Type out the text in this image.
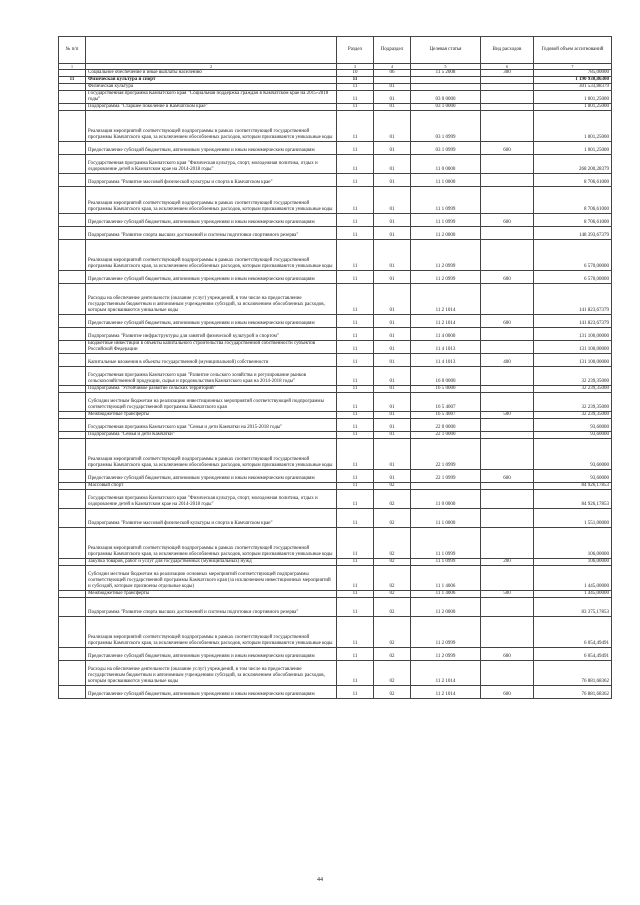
№ п/п		Раздел	Подраздел	Целевая статья	Вид расходов	Годовой объем ассигнований
1	2	3	4	5	6	7
	Социальное обеспечение и иные выплаты населению	10	06	11 5 2008	300	785,00000
11	Физическая культура и спорт	11				1 190 930,86300
	Физическая культура	11	01			301 533,88379
	Государственная программа Камчатского края "Социальная поддержка граждан в Камчатском крае на 2015-2018 годы"	11	01	03 0 0000		1 001,25000
	Подпрограмма "Старшее поколение в Камчатском крае"	11	01	03 1 0000		1 001,25000
	Реализация мероприятий соответствующей подпрограммы в рамках соответствующей государственной программы Камчатского края, за исключением обособленных расходов, которым присваиваются уникальные коды	11	01	03 1 0999		1 001,25000
	Предоставление субсидий бюджетным, автономным учреждениям и иным некоммерческим организациям	11	01	03 1 0999	600	1 001,25000
	Государственная программа Камчатского края "Физическая культура, спорт, молодежная политика, отдых и оздоровление детей в Камчатском крае на 2014-2018 годы"	11	01	11 0 0000		268 200,28379
	Подпрограмма "Развитие массовой физической культуры и спорта в Камчатском крае"	11	01	11 1 0000		8 706,61000
	Реализация мероприятий соответствующей подпрограммы в рамках соответствующей государственной программы Камчатского края, за исключением обособленных расходов, которым присваиваются уникальные коды	11	01	11 1 0999		8 706,61000
	Предоставление субсидий бюджетным, автономным учреждениям и иным некоммерческим организациям	11	01	11 1 0999	600	8 706,61000
	Подпрограмма "Развитие спорта высших достижений и системы подготовки спортивного резерва"	11	01	11 2 0000		148 393,67379
	Реализация мероприятий соответствующей подпрограммы в рамках соответствующей государственной программы Камчатского края, за исключением обособленных расходов, которым присваиваются уникальные коды	11	01	11 2 0999		6 570,00000
	Предоставление субсидий бюджетным, автономным учреждениям и иным некоммерческим организациям	11	01	11 2 0999	600	6 570,00000
	Расходы на обеспечение деятельности (оказание услуг) учреждений, в том числе на предоставление государственным бюджетным и автономным учреждениям субсидий, за исключением обособленных расходов, которым присваиваются уникальные коды	11	01	11 2 1014		141 823,67379
	Предоставление субсидий бюджетным, автономным учреждениям и иным некоммерческим организациям	11	01	11 2 1014	600	141 823,67379
	Подпрограмма "Развитие инфраструктуры для занятий физической культурой и спортом"	11	01	11 4 0000		131 100,00000
	Бюджетные инвестиции в объекты капитального строительства государственной собственности субъектов Российской Федерации	11	01	11 4 1013		131 100,00000
	Капитальные вложения в объекты государственной (муниципальной) собственности	11	01	11 4 1013	400	131 100,00000
	Государственная программа Камчатского края "Развитие сельского хозяйства и регулирование рынков сельскохозяйственной продукции, сырья и продовольствия Камчатского края на 2014-2018 годы"	11	01	16 0 0000		32 239,35000
	Подпрограмма "Устойчивое развитие сельских территорий"	11	01	16 5 0000		32 239,35000
	Субсидии местным бюджетам на реализацию инвестиционных мероприятий соответствующей подпрограммы соответствующей государственной программы Камчатского края	11	01	16 5 4007		32 239,35000
	Межбюджетные трансферты	11	01	16 5 4007	500	32 239,35000
	Государственная программа Камчатского края "Семья и дети Камчатки на 2015-2018 годы"	11	01	22 0 0000		93,60000
	Подпрограмма "Семья и дети Камчатки"	11	01	22 1 0000		93,60000
	Реализация мероприятий соответствующей подпрограммы в рамках соответствующей государственной программы Камчатского края, за исключением обособленных расходов, которым присваиваются уникальные коды	11	01	22 1 0999		93,60000
	Предоставление субсидий бюджетным, автономным учреждениям и иным некоммерческим организациям	11	01	22 1 0999	600	93,60000
	Массовый спорт	11	02			84 926,17853
	Государственная программа Камчатского края "Физическая культура, спорт, молодежная политика, отдых и оздоровление детей в Камчатском крае на 2014-2018 годы"	11	02	11 0 0000		84 926,17853
	Подпрограмма "Развитие массовой физической культуры и спорта в Камчатском крае"	11	02	11 1 0000		1 551,00000
	Реализация мероприятий соответствующей подпрограммы в рамках соответствующей государственной программы Камчатского края, за исключением обособленных расходов, которым присваиваются уникальные коды	11	02	11 1 0999		106,00000
	Закупка товаров, работ и услуг для государственных (муниципальных) нужд	11	02	11 1 0999	200	106,00000
	Субсидии местным бюджетам на реализацию основных мероприятий соответствующей подпрограммы соответствующей государственной программы Камчатского края (за исключением инвестиционных мероприятий и субсидий, которым присвоены отдельные коды)	11	02	11 1 4006		1 445,00000
	Межбюджетные трансферты	11	02	11 1 4006	500	1 445,00000
	Подпрограмма "Развитие спорта высших достижений и системы подготовки спортивного резерва"	11	02	11 2 0000		83 375,17853
	Реализация мероприятий соответствующей подпрограммы в рамках соответствующей государственной программы Камчатского края, за исключением обособленных расходов, которым присваиваются уникальные коды	11	02	11 2 0999		6 054,49491
	Предоставление субсидий бюджетным, автономным учреждениям и иным некоммерческим организациям	11	02	11 2 0999	600	6 054,49491
	Расходы на обеспечение деятельности (оказание услуг) учреждений, в том числе на предоставление государственным бюджетным и автономным учреждениям субсидий, за исключением обособленных расходов, которым присваиваются уникальные коды	11	02	11 2 1014		76 881,68362
	Предоставление субсидий бюджетным, автономным учреждениям и иным некоммерческим организациям	11	02	11 2 1014	600	76 881,68362
44
